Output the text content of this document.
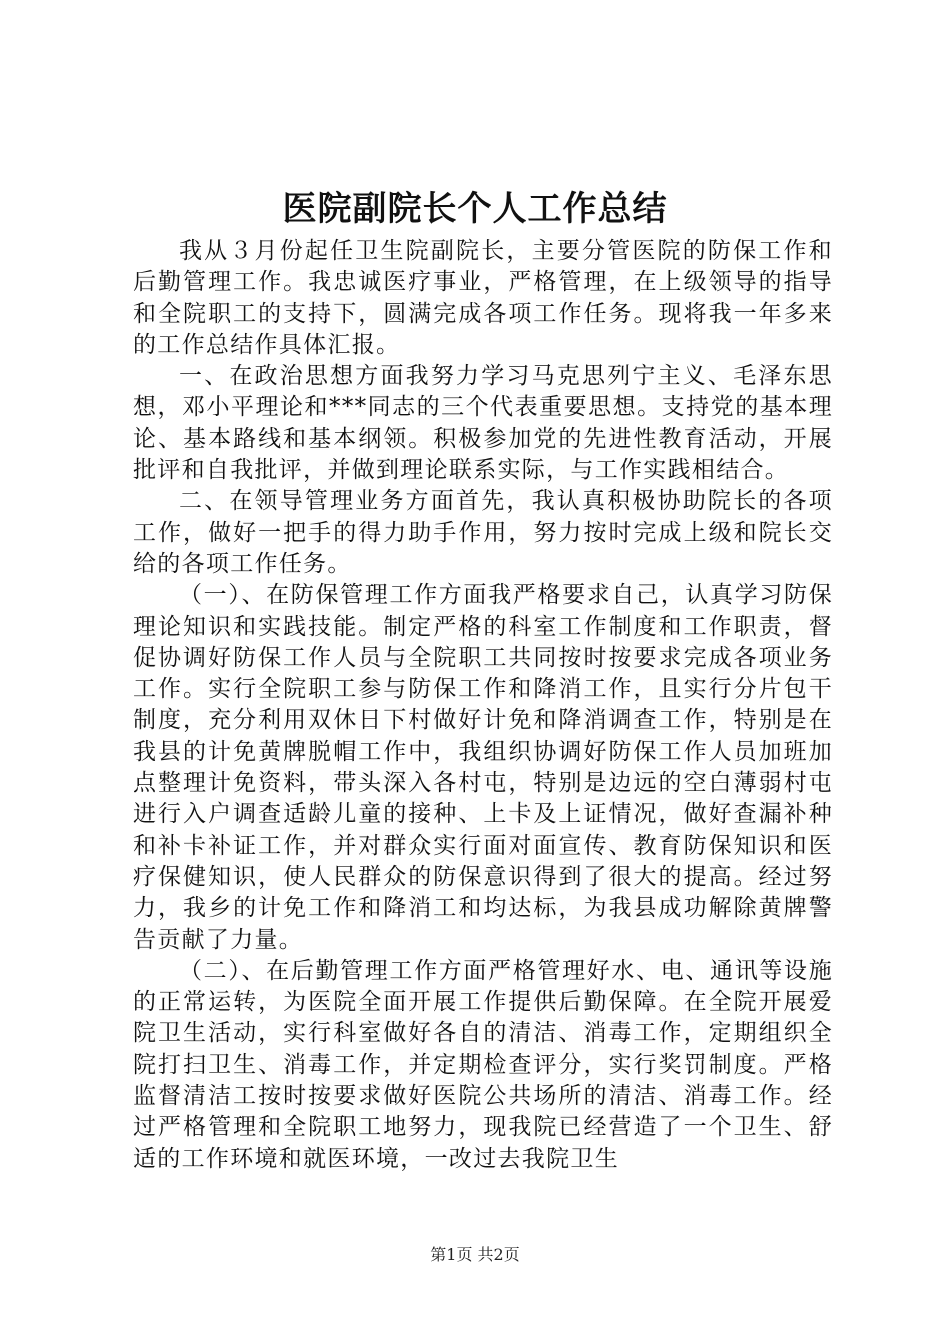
医院副院长个人工作总结

我从３月份起任卫生院副院长，主要分管医院的防保工作和后勤管理工作。我忠诚医疗事业，严格管理，在上级领导的指导和全院职工的支持下，圆满完成各项工作任务。现将我一年多来的工作总结作具体汇报。

一、在政治思想方面我努力学习马克思列宁主义、毛泽东思想，邓小平理论和***同志的三个代表重要思想。支持党的基本理论、基本路线和基本纲领。积极参加党的先进性教育活动，开展批评和自我批评，并做到理论联系实际，与工作实践相结合。

二、在领导管理业务方面首先，我认真积极协助院长的各项工作，做好一把手的得力助手作用，努力按时完成上级和院长交给的各项工作任务。

（一）、在防保管理工作方面我严格要求自己，认真学习防保理论知识和实践技能。制定严格的科室工作制度和工作职责，督促协调好防保工作人员与全院职工共同按时按要求完成各项业务工作。实行全院职工参与防保工作和降消工作，且实行分片包干制度，充分利用双休日下村做好计免和降消调查工作，特别是在我县的计免黄牌脱帽工作中，我组织协调好防保工作人员加班加点整理计免资料，带头深入各村屯，特别是边远的空白薄弱村屯进行入户调查适龄儿童的接种、上卡及上证情况，做好查漏补种和补卡补证工作，并对群众实行面对面宣传、教育防保知识和医疗保健知识，使人民群众的防保意识得到了很大的提高。经过努力，我乡的计免工作和降消工和均达标，为我县成功解除黄牌警告贡献了力量。

（二）、在后勤管理工作方面严格管理好水、电、通讯等设施的正常运转，为医院全面开展工作提供后勤保障。在全院开展爱院卫生活动，实行科室做好各自的清洁、消毒工作，定期组织全院打扫卫生、消毒工作，并定期检查评分，实行奖罚制度。严格监督清洁工按时按要求做好医院公共场所的清洁、消毒工作。经过严格管理和全院职工地努力，现我院已经营造了一个卫生、舒适的工作环境和就医环境，一改过去我院卫生

第1页 共2页
